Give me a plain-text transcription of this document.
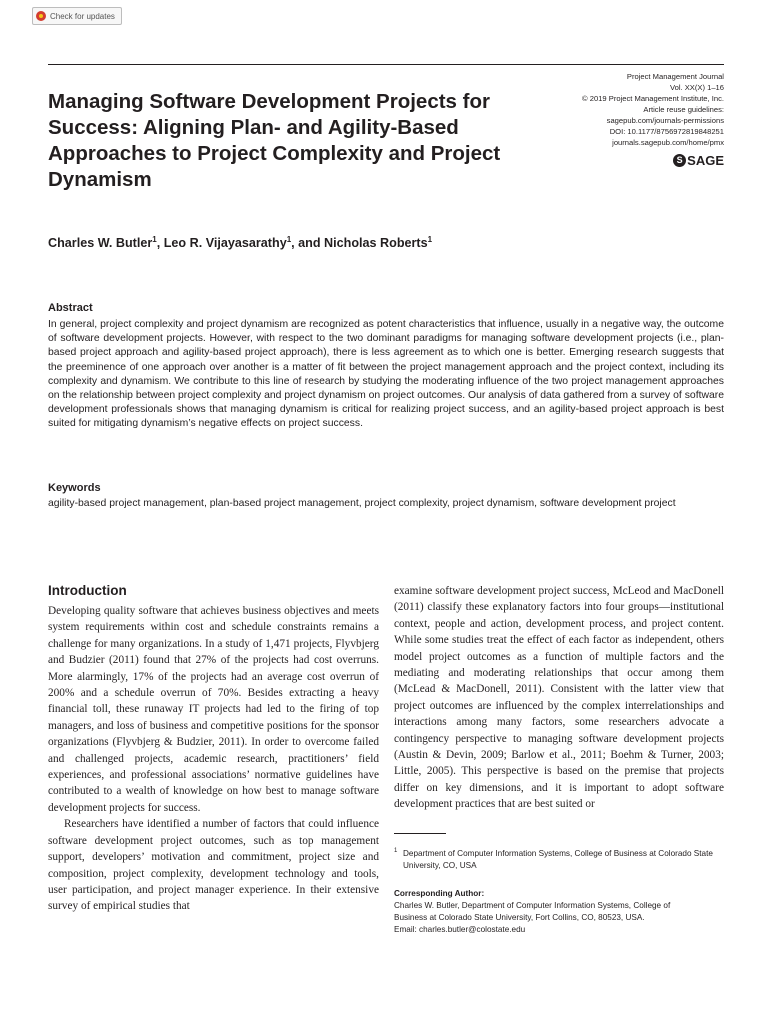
Check for updates
Managing Software Development Projects for Success: Aligning Plan- and Agility-Based Approaches to Project Complexity and Project Dynamism
Project Management Journal
Vol. XX(X) 1–16
© 2019 Project Management Institute, Inc.
Article reuse guidelines:
sagepub.com/journals-permissions
DOI: 10.1177/8756972819848251
journals.sagepub.com/home/pmx
S SAGE
Charles W. Butler$^1$, Leo R. Vijayasarathy$^1$, and Nicholas Roberts$^1$
Abstract

In general, project complexity and project dynamism are recognized as potent characteristics that influence, usually in a negative way, the outcome of software development projects. However, with respect to the two dominant paradigms for managing software development projects (i.e., plan-based project approach and agility-based project approach), there is less agreement as to which one is better. Emerging research suggests that the preeminence of one approach over another is a matter of fit between the project management approach and the project context, including its complexity and dynamism. We contribute to this line of research by studying the moderating influence of the two project management approaches on the relationship between project complexity and project dynamism on project outcomes. Our analysis of data gathered from a survey of software development professionals shows that managing dynamism is critical for realizing project success, and an agility-based project approach is best suited for mitigating dynamism’s negative effects on project success.

Keywords

agility-based project management, plan-based project management, project complexity, project dynamism, software development project

Introduction

Developing quality software that achieves business objectives and meets system requirements within cost and schedule constraints remains a challenge for many organizations. In a study of 1,471 projects, Flyvbjerg and Budzier (2011) found that 27% of the projects had cost overruns. More alarmingly, 17% of the projects had an average cost overrun of 200% and a schedule overrun of 70%. Besides extracting a heavy financial toll, these runaway IT projects had led to the firing of top managers, and loss of business and competitive positions for the sponsor organizations (Flyvbjerg & Budzier, 2011). In order to overcome failed and challenged projects, academic research, practitioners’ field experiences, and professional associations’ normative guidelines have contributed to a wealth of knowledge on how best to manage software development projects for success.

Researchers have identified a number of factors that could influence software development project outcomes, such as top management support, developers’ motivation and commitment, project size and composition, project complexity, development technology and tools, user participation, and project manager experience. In their extensive survey of empirical studies that

examine software development project success, McLeod and MacDonell (2011) classify these explanatory factors into four groups—institutional context, people and action, development process, and project content. While some studies treat the effect of each factor as independent, others model project outcomes as a function of multiple factors and the mediating and moderating relationships that occur among them (McLead & MacDonell, 2011). Consistent with the latter view that project outcomes are influenced by the complex interrelationships and interactions among many factors, some researchers advocate a contingency perspective to managing software development projects (Austin & Devin, 2009; Barlow et al., 2011; Boehm & Turner, 2003; Little, 2005). This perspective is based on the premise that projects differ on key dimensions, and it is important to adopt software development practices that are best suited or

1 Department of Computer Information Systems, College of Business at Colorado State University, CO, USA
Corresponding Author:
Charles W. Butler, Department of Computer Information Systems, College of
Business at Colorado State University, Fort Collins, CO, 80523, USA.
Email: charles.butler@colostate.edu
